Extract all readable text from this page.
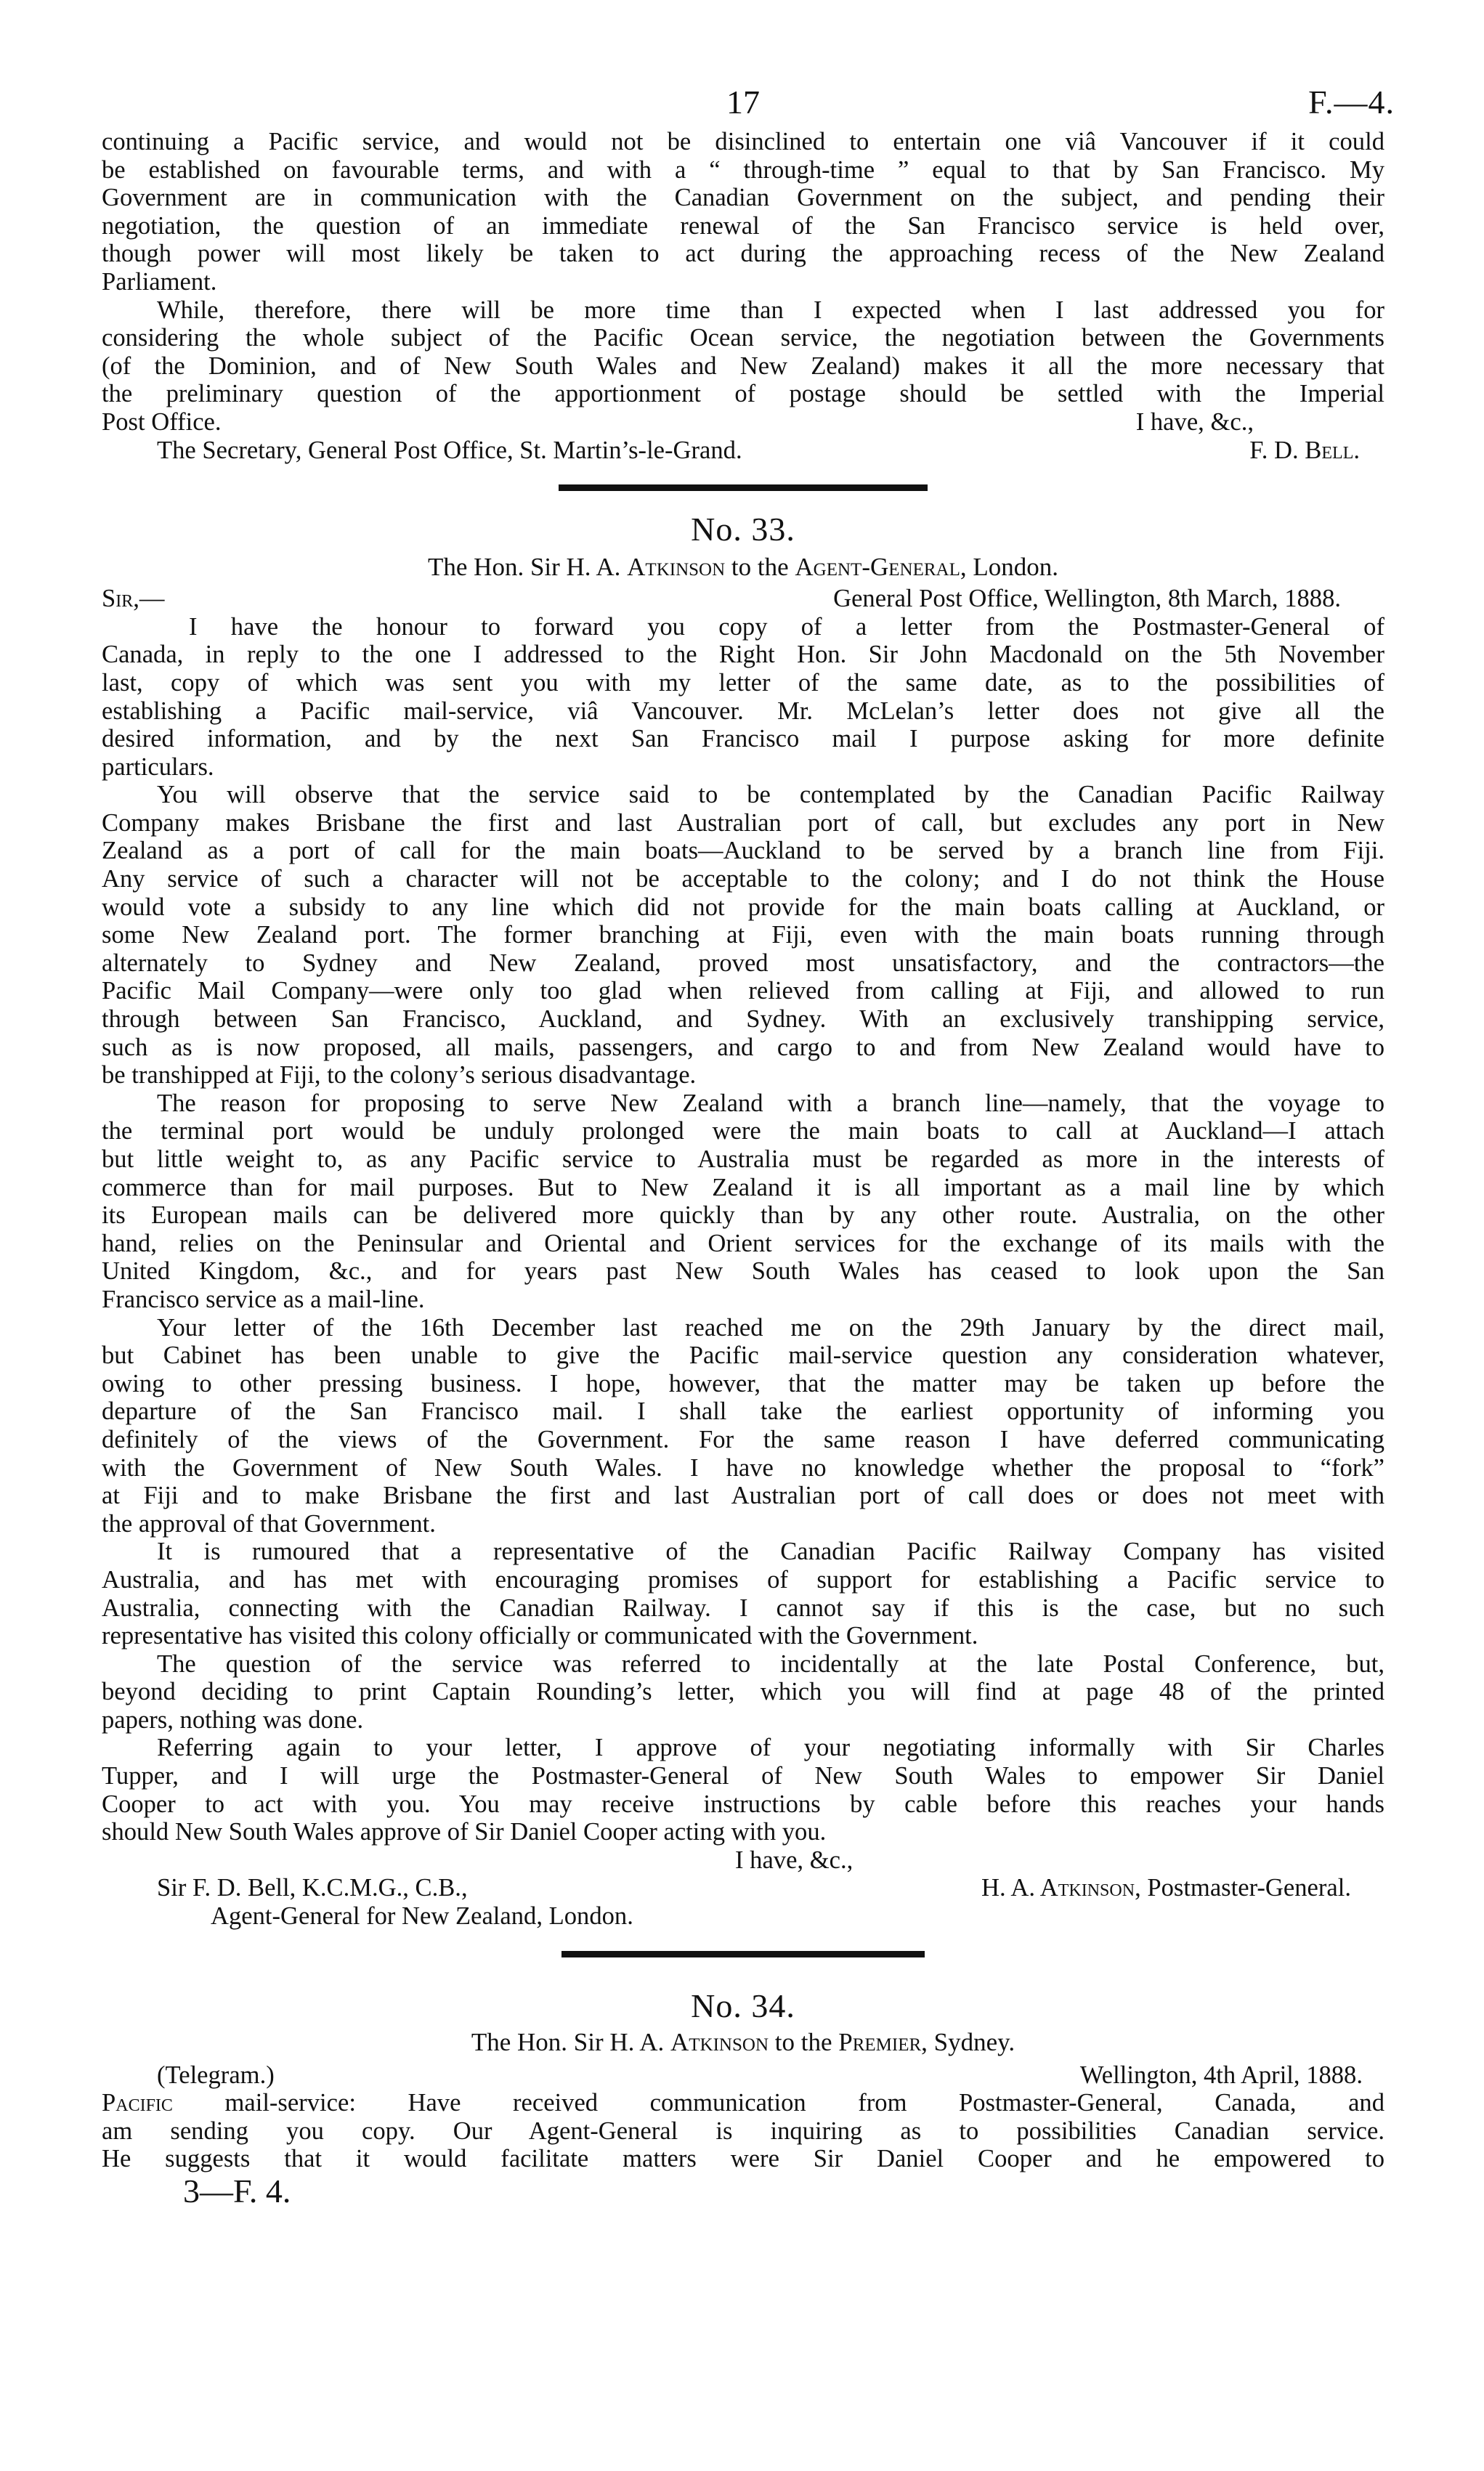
17	F.—4.
continuing a Pacific service, and would not be disinclined to entertain one viâ Vancouver if it could
be established on favourable terms, and with a “ through-time ” equal to that by San Francisco. My
Government are in communication with the Canadian Government on the subject, and pending their
negotiation, the question of an immediate renewal of the San Francisco service is held over,
though power will most likely be taken to act during the approaching recess of the New Zealand
Parliament.
While, therefore, there will be more time than I expected when I last addressed you for
considering the whole subject of the Pacific Ocean service, the negotiation between the Governments
(of the Dominion, and of New South Wales and New Zealand) makes it all the more necessary that
the preliminary question of the apportionment of postage should be settled with the Imperial
Post Office.	I have, &c.,
The Secretary, General Post Office, St. Martin’s-le-Grand.	F. D. Bell.
No. 33.
The Hon. Sir H. A. Atkinson to the Agent-General, London.
Sir,—	General Post Office, Wellington, 8th March, 1888.
I have the honour to forward you copy of a letter from the Postmaster-General of
Canada, in reply to the one I addressed to the Right Hon. Sir John Macdonald on the 5th November
last, copy of which was sent you with my letter of the same date, as to the possibilities of
establishing a Pacific mail-service, viâ Vancouver. Mr. McLelan’s letter does not give all the
desired information, and by the next San Francisco mail I purpose asking for more definite
particulars.
You will observe that the service said to be contemplated by the Canadian Pacific Railway
Company makes Brisbane the first and last Australian port of call, but excludes any port in New
Zealand as a port of call for the main boats—Auckland to be served by a branch line from Fiji.
Any service of such a character will not be acceptable to the colony; and I do not think the House
would vote a subsidy to any line which did not provide for the main boats calling at Auckland, or
some New Zealand port. The former branching at Fiji, even with the main boats running through
alternately to Sydney and New Zealand, proved most unsatisfactory, and the contractors—the
Pacific Mail Company—were only too glad when relieved from calling at Fiji, and allowed to run
through between San Francisco, Auckland, and Sydney. With an exclusively transhipping service,
such as is now proposed, all mails, passengers, and cargo to and from New Zealand would have to
be transhipped at Fiji, to the colony’s serious disadvantage.
The reason for proposing to serve New Zealand with a branch line—namely, that the voyage to
the terminal port would be unduly prolonged were the main boats to call at Auckland—I attach
but little weight to, as any Pacific service to Australia must be regarded as more in the interests of
commerce than for mail purposes. But to New Zealand it is all important as a mail line by which
its European mails can be delivered more quickly than by any other route. Australia, on the other
hand, relies on the Peninsular and Oriental and Orient services for the exchange of its mails with the
United Kingdom, &c., and for years past New South Wales has ceased to look upon the San
Francisco service as a mail-line.
Your letter of the 16th December last reached me on the 29th January by the direct mail,
but Cabinet has been unable to give the Pacific mail-service question any consideration whatever,
owing to other pressing business. I hope, however, that the matter may be taken up before the
departure of the San Francisco mail. I shall take the earliest opportunity of informing you
definitely of the views of the Government. For the same reason I have deferred communicating
with the Government of New South Wales. I have no knowledge whether the proposal to “fork”
at Fiji and to make Brisbane the first and last Australian port of call does or does not meet with
the approval of that Government.
It is rumoured that a representative of the Canadian Pacific Railway Company has visited
Australia, and has met with encouraging promises of support for establishing a Pacific service to
Australia, connecting with the Canadian Railway. I cannot say if this is the case, but no such
representative has visited this colony officially or communicated with the Government.
The question of the service was referred to incidentally at the late Postal Conference, but,
beyond deciding to print Captain Rounding’s letter, which you will find at page 48 of the printed
papers, nothing was done.
Referring again to your letter, I approve of your negotiating informally with Sir Charles
Tupper, and I will urge the Postmaster-General of New South Wales to empower Sir Daniel
Cooper to act with you. You may receive instructions by cable before this reaches your hands
should New South Wales approve of Sir Daniel Cooper acting with you.
I have, &c.,
Sir F. D. Bell, K.C.M.G., C.B.,	H. A. Atkinson, Postmaster-General.
Agent-General for New Zealand, London.
No. 34.
The Hon. Sir H. A. Atkinson to the Premier, Sydney.
(Telegram.)	Wellington, 4th April, 1888.
Pacific mail-service: Have received communication from Postmaster-General, Canada, and
am sending you copy. Our Agent-General is inquiring as to possibilities Canadian service.
He suggests that it would facilitate matters were Sir Daniel Cooper and he empowered to
3—F. 4.
